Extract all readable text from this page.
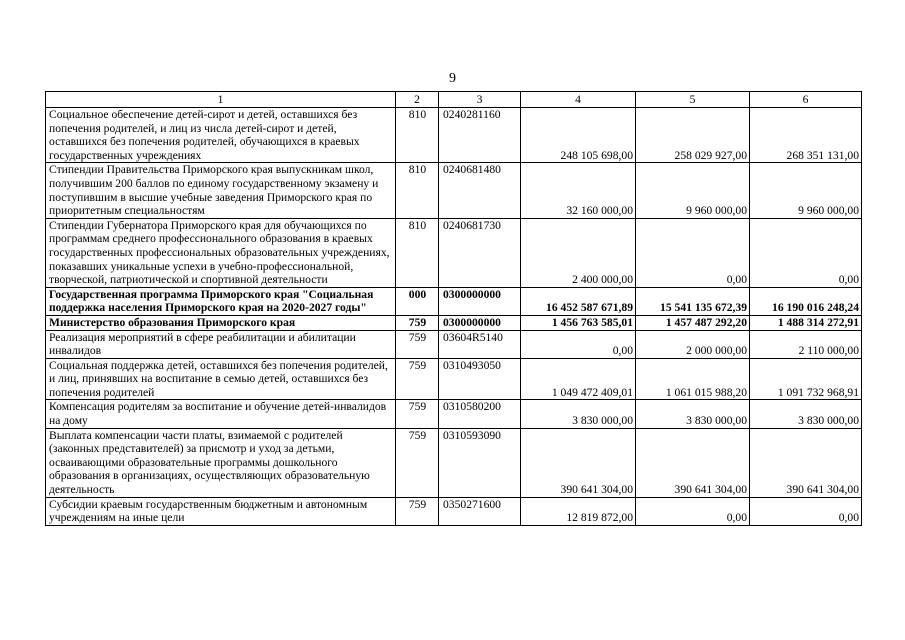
9
1	2	3	4	5	6
Социальное обеспечение детей-сирот и детей, оставшихся без попечения родителей, и лиц из числа детей-сирот и детей, оставшихся без попечения родителей, обучающихся в краевых государственных учреждениях	810	0240281160	248 105 698,00	258 029 927,00	268 351 131,00
Стипендии Правительства Приморского края выпускникам школ, получившим 200 баллов по единому государственному экзамену и поступившим в высшие учебные заведения Приморского края по приоритетным специальностям	810	0240681480	32 160 000,00	9 960 000,00	9 960 000,00
Стипендии Губернатора Приморского края для обучающихся по программам среднего профессионального образования в краевых государственных профессиональных образовательных учреждениях, показавших уникальные успехи в учебно-профессиональной, творческой, патриотической и спортивной деятельности	810	0240681730	2 400 000,00	0,00	0,00
Государственная программа Приморского края "Социальная поддержка населения Приморского края на 2020-2027 годы"	000	0300000000	16 452 587 671,89	15 541 135 672,39	16 190 016 248,24
Министерство образования Приморского края	759	0300000000	1 456 763 585,01	1 457 487 292,20	1 488 314 272,91
Реализация мероприятий в сфере реабилитации и абилитации инвалидов	759	03604R5140	0,00	2 000 000,00	2 110 000,00
Социальная поддержка детей, оставшихся без попечения родителей, и лиц, принявших на воспитание в семью детей, оставшихся без попечения родителей	759	0310493050	1 049 472 409,01	1 061 015 988,20	1 091 732 968,91
Компенсация родителям за воспитание и обучение детей-инвалидов на дому	759	0310580200	3 830 000,00	3 830 000,00	3 830 000,00
Выплата компенсации части платы, взимаемой с родителей (законных представителей) за присмотр и уход за детьми, осваивающими образовательные программы дошкольного образования в организациях, осуществляющих образовательную деятельность	759	0310593090	390 641 304,00	390 641 304,00	390 641 304,00
Субсидии краевым государственным бюджетным и автономным учреждениям на иные цели	759	0350271600	12 819 872,00	0,00	0,00
